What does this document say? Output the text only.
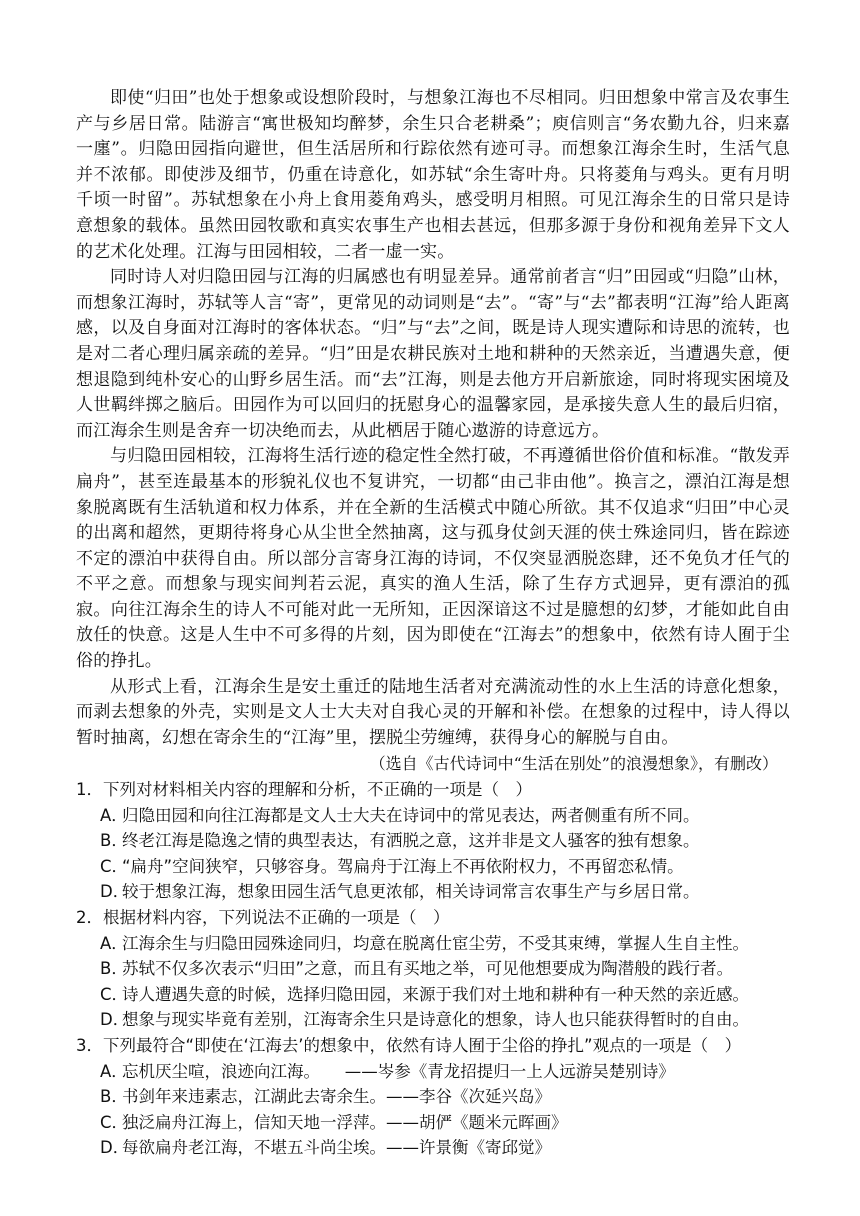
即使“归田”也处于想象或设想阶段时，与想象江海也不尽相同。归田想象中常言及农事生产与乡居日常。陆游言“寓世极知均醉梦，余生只合老耕桑”；庾信则言“务农勤九谷，归来嘉一廛”。归隐田园指向避世，但生活居所和行踪依然有迹可寻。而想象江海余生时，生活气息并不浓郁。即使涉及细节，仍重在诗意化，如苏轼“余生寄叶舟。只将菱角与鸡头。更有月明千顷一时留”。苏轼想象在小舟上食用菱角鸡头，感受明月相照。可见江海余生的日常只是诗意想象的载体。虽然田园牧歌和真实农事生产也相去甚远，但那多源于身份和视角差异下文人的艺术化处理。江海与田园相较，二者一虚一实。

同时诗人对归隐田园与江海的归属感也有明显差异。通常前者言“归”田园或“归隐”山林，而想象江海时，苏轼等人言“寄”，更常见的动词则是“去”。“寄”与“去”都表明“江海”给人距离感，以及自身面对江海时的客体状态。“归”与“去”之间，既是诗人现实遭际和诗思的流转，也是对二者心理归属亲疏的差异。“归”田是农耕民族对土地和耕种的天然亲近，当遭遇失意，便想退隐到纯朴安心的山野乡居生活。而“去”江海，则是去他方开启新旅途，同时将现实困境及人世羁绊掷之脑后。田园作为可以回归的抚慰身心的温馨家园，是承接失意人生的最后归宿，而江海余生则是舍弃一切决绝而去，从此栖居于随心遨游的诗意远方。

与归隐田园相较，江海将生活行迹的稳定性全然打破，不再遵循世俗价值和标准。“散发弄扁舟”，甚至连最基本的形貌礼仪也不复讲究，一切都“由己非由他”。换言之，漂泊江海是想象脱离既有生活轨道和权力体系，并在全新的生活模式中随心所欲。其不仅追求“归田”中心灵的出离和超然，更期待将身心从尘世全然抽离，这与孤身仗剑天涯的侠士殊途同归，皆在踪迹不定的漂泊中获得自由。所以部分言寄身江海的诗词，不仅突显洒脱恣肆，还不免负才任气的不平之意。而想象与现实间判若云泥，真实的渔人生活，除了生存方式迥异，更有漂泊的孤寂。向往江海余生的诗人不可能对此一无所知，正因深谙这不过是臆想的幻梦，才能如此自由放任的快意。这是人生中不可多得的片刻，因为即使在“江海去”的想象中，依然有诗人囿于尘俗的挣扎。

从形式上看，江海余生是安土重迁的陆地生活者对充满流动性的水上生活的诗意化想象，而剥去想象的外壳，实则是文人士大夫对自我心灵的开解和补偿。在想象的过程中，诗人得以暂时抽离，幻想在寄余生的“江海”里，摆脱尘劳缠缚，获得身心的解脱与自由。

（选自《古代诗词中“生活在别处”的浪漫想象》，有删改）

1．下列对材料相关内容的理解和分析，不正确的一项是（　）

A．归隐田园和向往江海都是文人士大夫在诗词中的常见表达，两者侧重有所不同。

B．终老江海是隐逸之情的典型表达，有洒脱之意，这并非是文人骚客的独有想象。

C．“扁舟”空间狭窄，只够容身。驾扁舟于江海上不再依附权力，不再留恋私情。

D．较于想象江海，想象田园生活气息更浓郁，相关诗词常言农事生产与乡居日常。

2．根据材料内容，下列说法不正确的一项是（　）

A．江海余生与归隐田园殊途同归，均意在脱离仕宦尘劳，不受其束缚，掌握人生自主性。

B．苏轼不仅多次表示“归田”之意，而且有买地之举，可见他想要成为陶潜般的践行者。

C．诗人遭遇失意的时候，选择归隐田园，来源于我们对土地和耕种有一种天然的亲近感。

D．想象与现实毕竟有差别，江海寄余生只是诗意化的想象，诗人也只能获得暂时的自由。

3．下列最符合“即使在‘江海去’的想象中，依然有诗人囿于尘俗的挣扎”观点的一项是（　）

A．忘机厌尘喧，浪迹向江海。　　——岑参《青龙招提归一上人远游吴楚别诗》

B．书剑年来违素志，江湖此去寄余生。——李谷《次延兴岛》

C．独泛扁舟江海上，信知天地一浮萍。——胡俨《题米元晖画》

D．每欲扁舟老江海，不堪五斗尚尘埃。——许景衡《寄邱觉》
